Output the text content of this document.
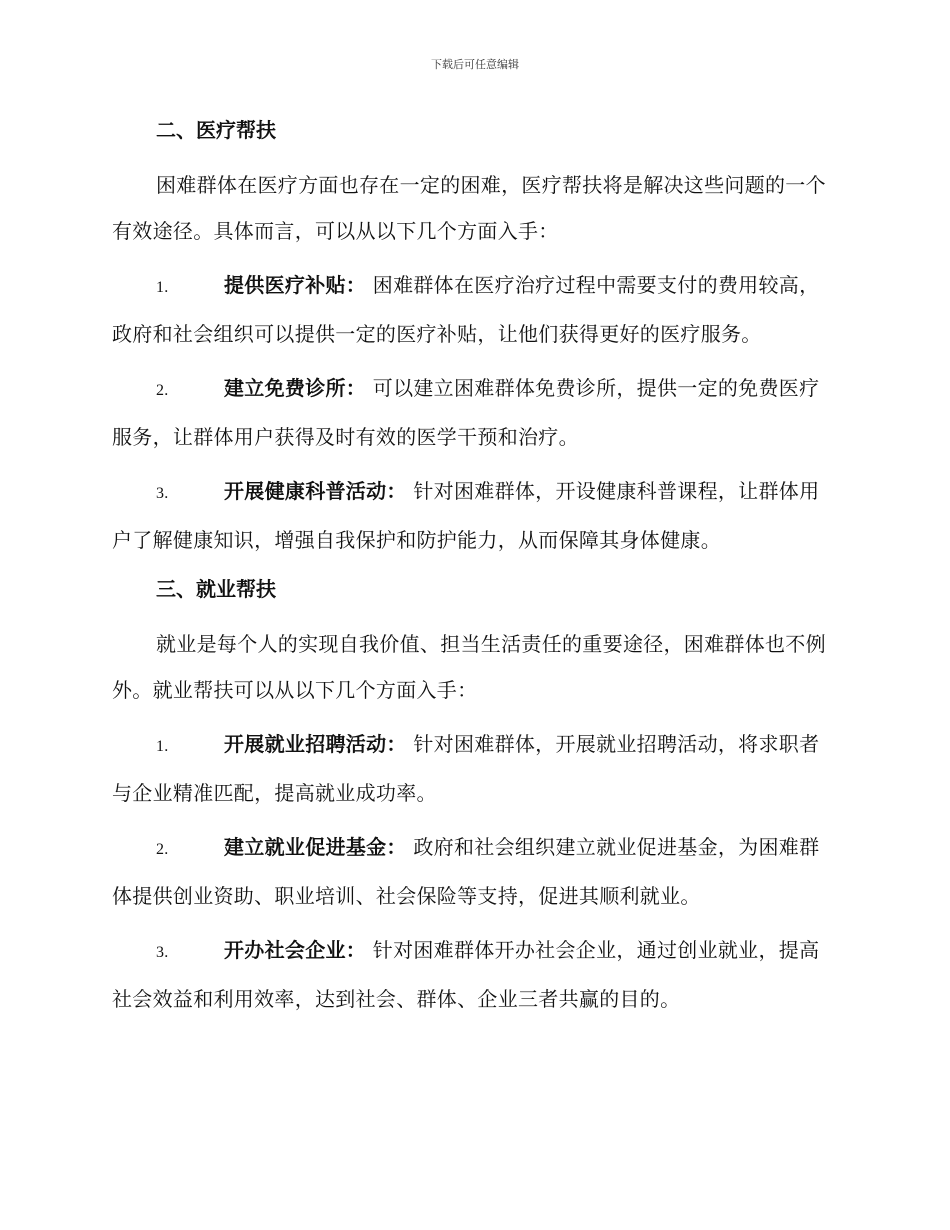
下载后可任意编辑

二、医疗帮扶

困难群体在医疗方面也存在一定的困难，医疗帮扶将是解决这些问题的一个有效途径。具体而言，可以从以下几个方面入手：

1.	提供医疗补贴： 困难群体在医疗治疗过程中需要支付的费用较高，政府和社会组织可以提供一定的医疗补贴，让他们获得更好的医疗服务。

2.	建立免费诊所： 可以建立困难群体免费诊所，提供一定的免费医疗服务，让群体用户获得及时有效的医学干预和治疗。

3.	开展健康科普活动： 针对困难群体，开设健康科普课程，让群体用户了解健康知识，增强自我保护和防护能力，从而保障其身体健康。

三、就业帮扶

就业是每个人的实现自我价值、担当生活责任的重要途径，困难群体也不例外。就业帮扶可以从以下几个方面入手：

1.	开展就业招聘活动： 针对困难群体，开展就业招聘活动，将求职者与企业精准匹配，提高就业成功率。

2.	建立就业促进基金： 政府和社会组织建立就业促进基金，为困难群体提供创业资助、职业培训、社会保险等支持，促进其顺利就业。

3.	开办社会企业： 针对困难群体开办社会企业，通过创业就业，提高社会效益和利用效率，达到社会、群体、企业三者共赢的目的。
